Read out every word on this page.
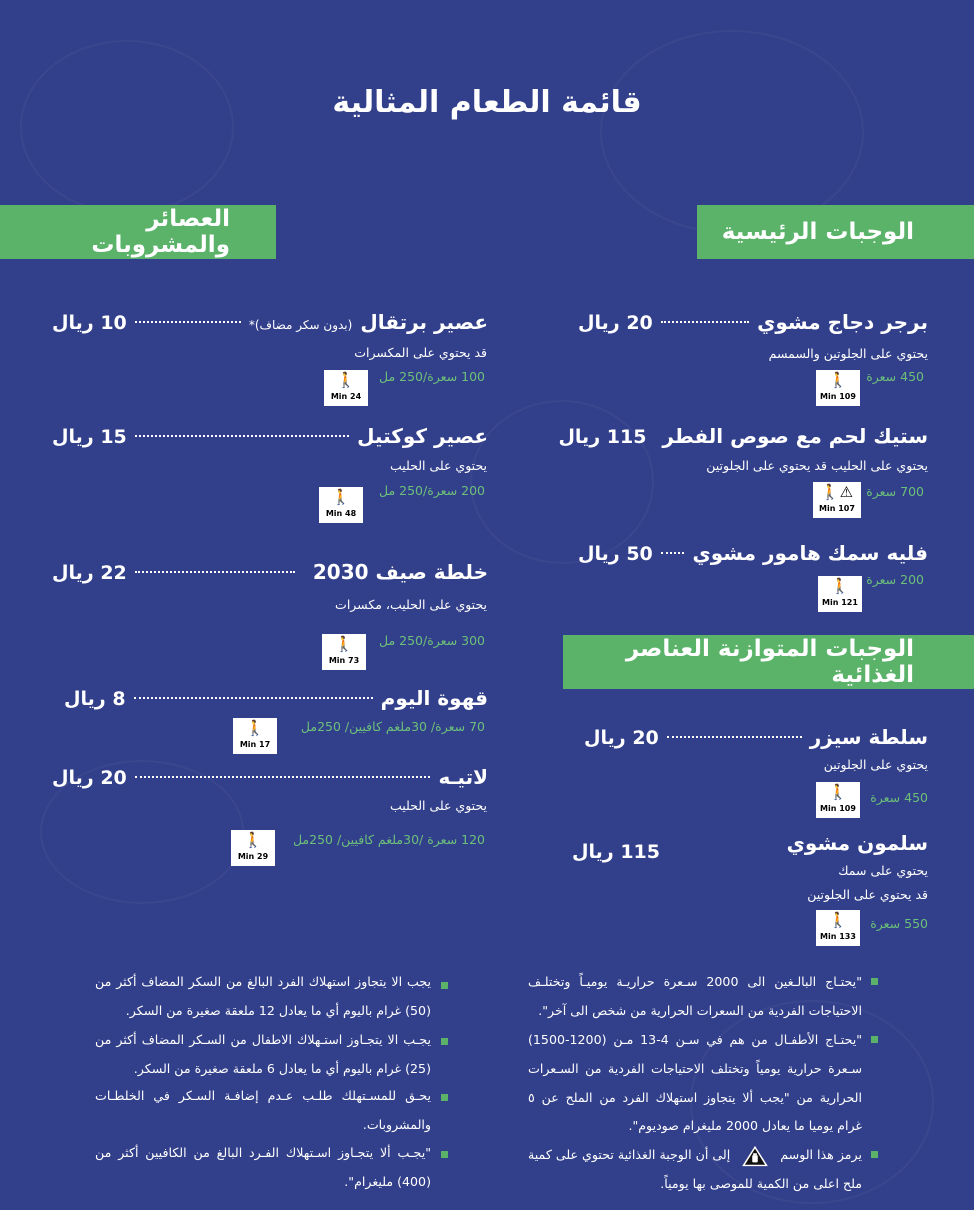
قائمة الطعام المثالية
الوجبات الرئيسية
العصائر والمشروبات
الوجبات المتوازنة العناصر الغذائية
برجر دجاج مشوي
20 ريال
يحتوي على الجلوتين والسمسم
450 سعرة
🚶
Min 109
ستيك لحم مع صوص الفطر
115 ريال
يحتوي على الحليب قد يحتوي على الجلوتين
700 سعرة
🚶⚠
Min 107
فليه سمك هامور مشوي
50 ريال
200 سعرة
🚶
Min 121
سلطة سيزر
20 ريال
يحتوي على الجلوتين
450 سعرة
🚶
Min 109
سلمون مشوي
115 ريال
يحتوي على سمك
قد يحتوي على الجلوتين
550 سعرة
🚶
Min 133
عصير برتقال
(بدون سكر مضاف)*
10 ريال
قد يحتوي على المكسرات
100 سعرة/250 مل
🚶
Min 24
عصير كوكتيل
15 ريال
يحتوي على الحليب
200 سعرة/250 مل
🚶
Min 48
خلطة صيف 2030
22 ريال
يحتوي على الحليب، مكسرات
300 سعرة/250 مل
🚶
Min 73
قهوة اليوم
8 ريال
70 سعرة/ 30ملغم كافيين/ 250مل
🚶
Min 17
لاتيـه
20 ريال
يحتوي على الحليب
120 سعرة /30ملغم كافيين/ 250مل
🚶
Min 29
"يحتـاج البالـغين الى 2000 سـعرة حراريـة يوميـاً وتختلـف الاحتياجات الفردية من السعرات الحرارية من شخص الى آخر".
"يحتـاج الأطفـال من هم في سـن 4-13 مـن (1200-1500) سـعرة حرارية يومياً وتختلف الاحتياجات الفردية من السـعرات الحرارية من "يجب ألا يتجاوز استهلاك الفرد من الملح عن ٥ غرام يوميا ما يعادل 2000 مليغرام صوديوم".
يرمز هذا الوسم  إلى أن الوجبة الغذائية تحتوي على كمية ملح اعلى من الكمية للموصى بها يومياً.
يجب الا يتجاوز استهلاك الفرد البالغ من السكر المضاف أكثر من (50) غرام باليوم أي ما يعادل 12 ملعقة صغيرة من السكر.
يجـب الا يتجـاوز استـهلاك الاطفال من السـكر المضاف أكثر من (25) غرام باليوم أي ما يعادل 6 ملعقة صغيرة من السكر.
يحـق للمسـتهلك طلـب عـدم إضافـة السـكر في الخلطـات والمشروبات.
"يجـب ألا يتجـاوز اسـتهلاك الفـرد البالغ من الكافيين أكثر من (400) مليغرام".
